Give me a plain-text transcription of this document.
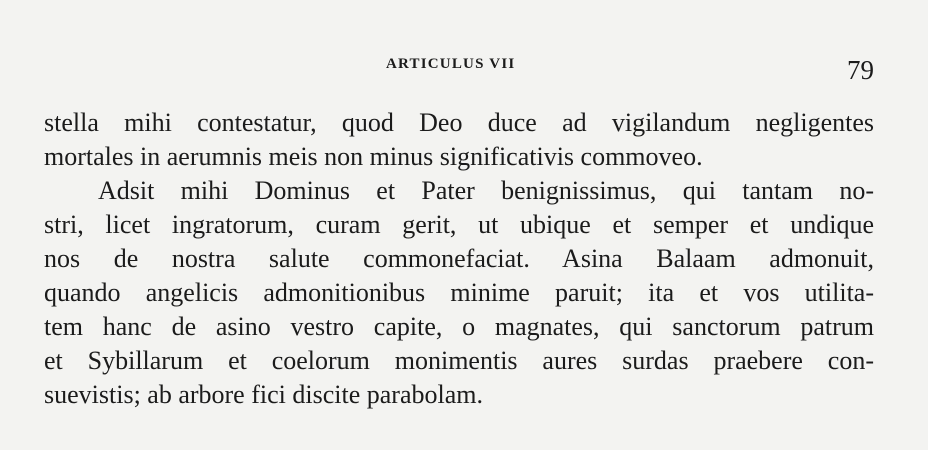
ARTICULUS VII	79
stella mihi contestatur, quod Deo duce ad vigilandum negligentes
mortales in aerumnis meis non minus significativis commoveo.
Adsit mihi Dominus et Pater benignissimus, qui tantam no-
stri, licet ingratorum, curam gerit, ut ubique et semper et undique
nos de nostra salute commonefaciat. Asina Balaam admonuit,
quando angelicis admonitionibus minime paruit; ita et vos utilita-
tem hanc de asino vestro capite, o magnates, qui sanctorum patrum
et Sybillarum et coelorum monimentis aures surdas praebere con-
suevistis; ab arbore fici discite parabolam.
